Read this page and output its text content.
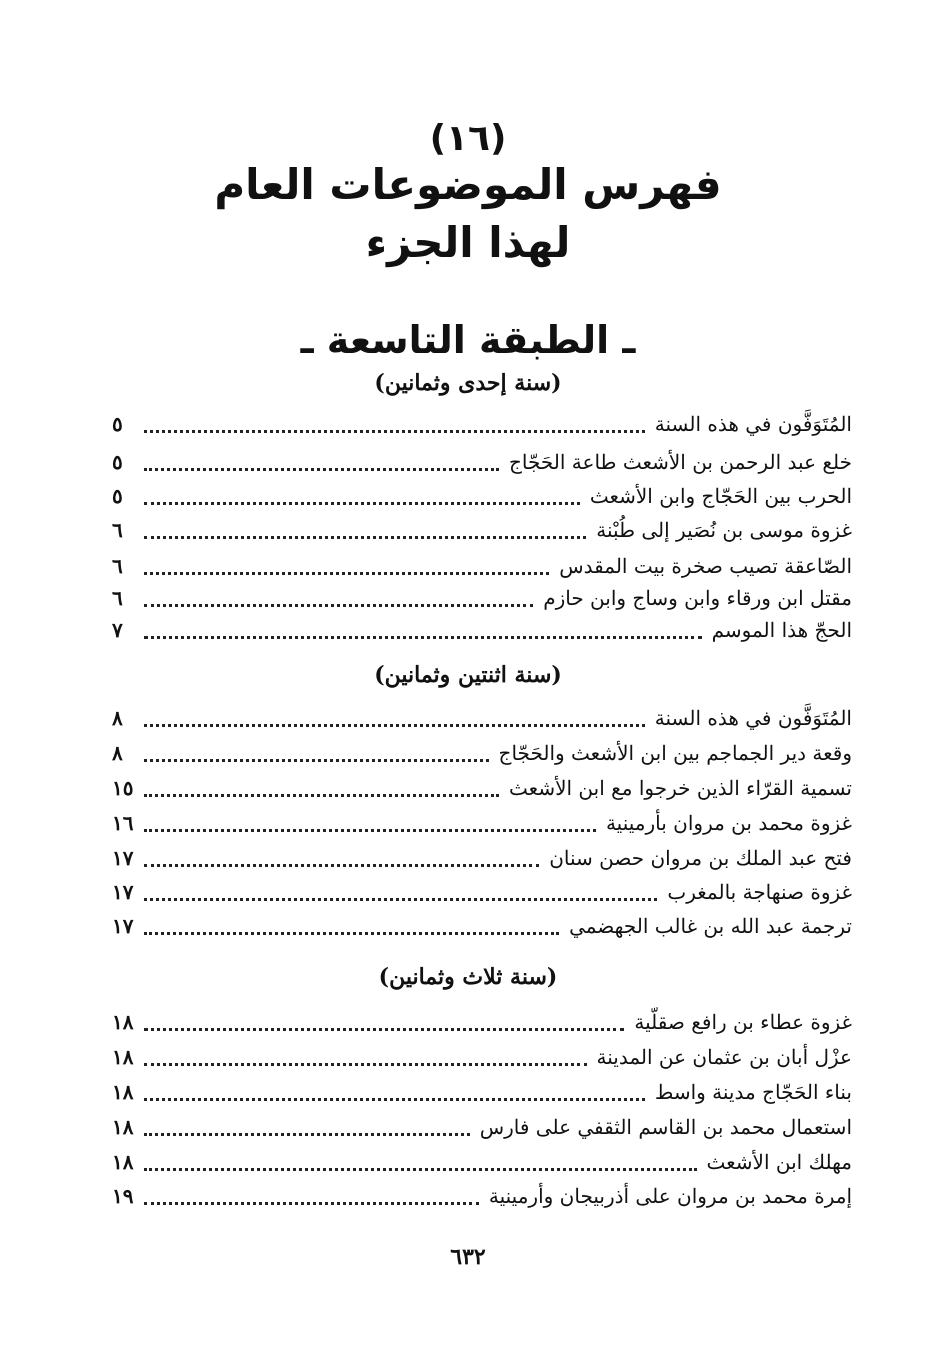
(١٦)
فهرس الموضوعات العام
لهذا الجزء
ـ الطبقة التاسعة ـ
(سنة إحدى وثمانين)
المُتَوَفَّون في هذه السنة
٥
خلع عبد الرحمن بن الأشعث طاعة الحَجّاج
٥
الحرب بين الحَجّاج وابن الأشعث
٥
غزوة موسى بن نُصَير إلى طُبْنة
٦
الصّاعقة تصيب صخرة بيت المقدس
٦
مقتل ابن ورقاء وابن وساج وابن حازم
٦
الحجّ هذا الموسم
٧
(سنة اثنتين وثمانين)
المُتَوَفَّون في هذه السنة
٨
وقعة دير الجماجم بين ابن الأشعث والحَجّاج
٨
تسمية القرّاء الذين خرجوا مع ابن الأشعث
١٥
غزوة محمد بن مروان بأرمينية
١٦
فتح عبد الملك بن مروان حصن سنان
١٧
غزوة صنهاجة بالمغرب
١٧
ترجمة عبد الله بن غالب الجهضمي
١٧
(سنة ثلاث وثمانين)
غزوة عطاء بن رافع صقلّية
١٨
عزْل أبان بن عثمان عن المدينة
١٨
بناء الحَجّاج مدينة واسط
١٨
استعمال محمد بن القاسم الثقفي على فارس
١٨
مهلك ابن الأشعث
١٨
إمرة محمد بن مروان على أذربيجان وأرمينية
١٩
٦٣٢
